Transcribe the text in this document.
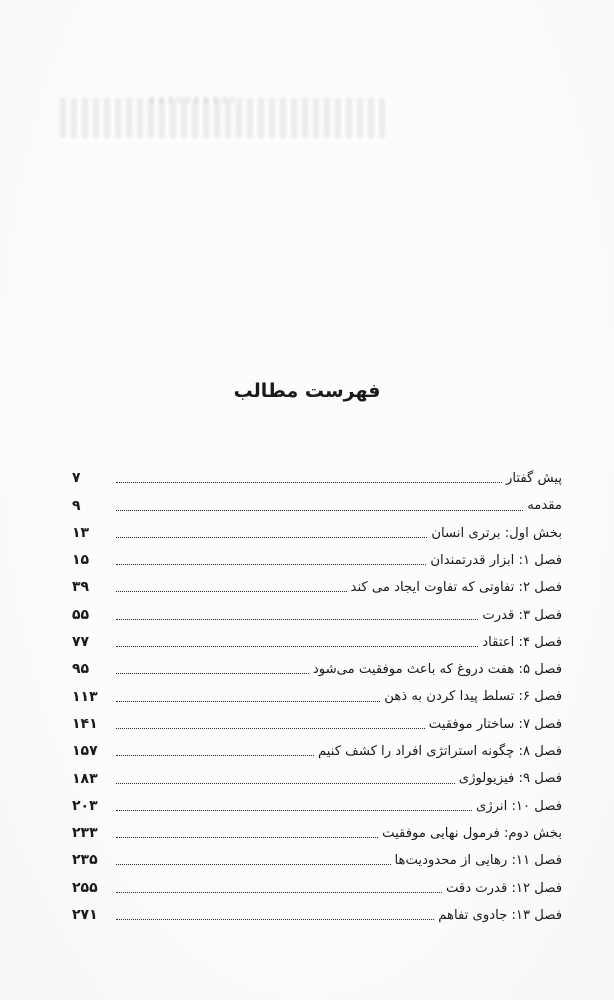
فهرست مطالب
۷	پیش گفتار
۹	مقدمه
۱۳	بخش اول: برتری انسان
۱۵	فصل ۱: ابزار قدرتمندان
۳۹	فصل ۲: تفاوتی که تفاوت ایجاد می کند
۵۵	فصل ۳: قدرت
۷۷	فصل ۴: اعتقاد
۹۵	فصل ۵: هفت دروغ که باعث موفقیت می‌شود
۱۱۳	فصل ۶: تسلط پیدا کردن به ذهن
۱۴۱	فصل ۷: ساختار موفقیت
۱۵۷	فصل ۸: چگونه استراتژی افراد را کشف کنیم
۱۸۳	فصل ۹: فیزیولوژی
۲۰۳	فصل ۱۰: انرژی
۲۳۳	بخش دوم: فرمول نهایی موفقیت
۲۳۵	فصل ۱۱: رهایی از محدودیت‌ها
۲۵۵	فصل ۱۲: قدرت دقت
۲۷۱	فصل ۱۳: جادوی تفاهم
